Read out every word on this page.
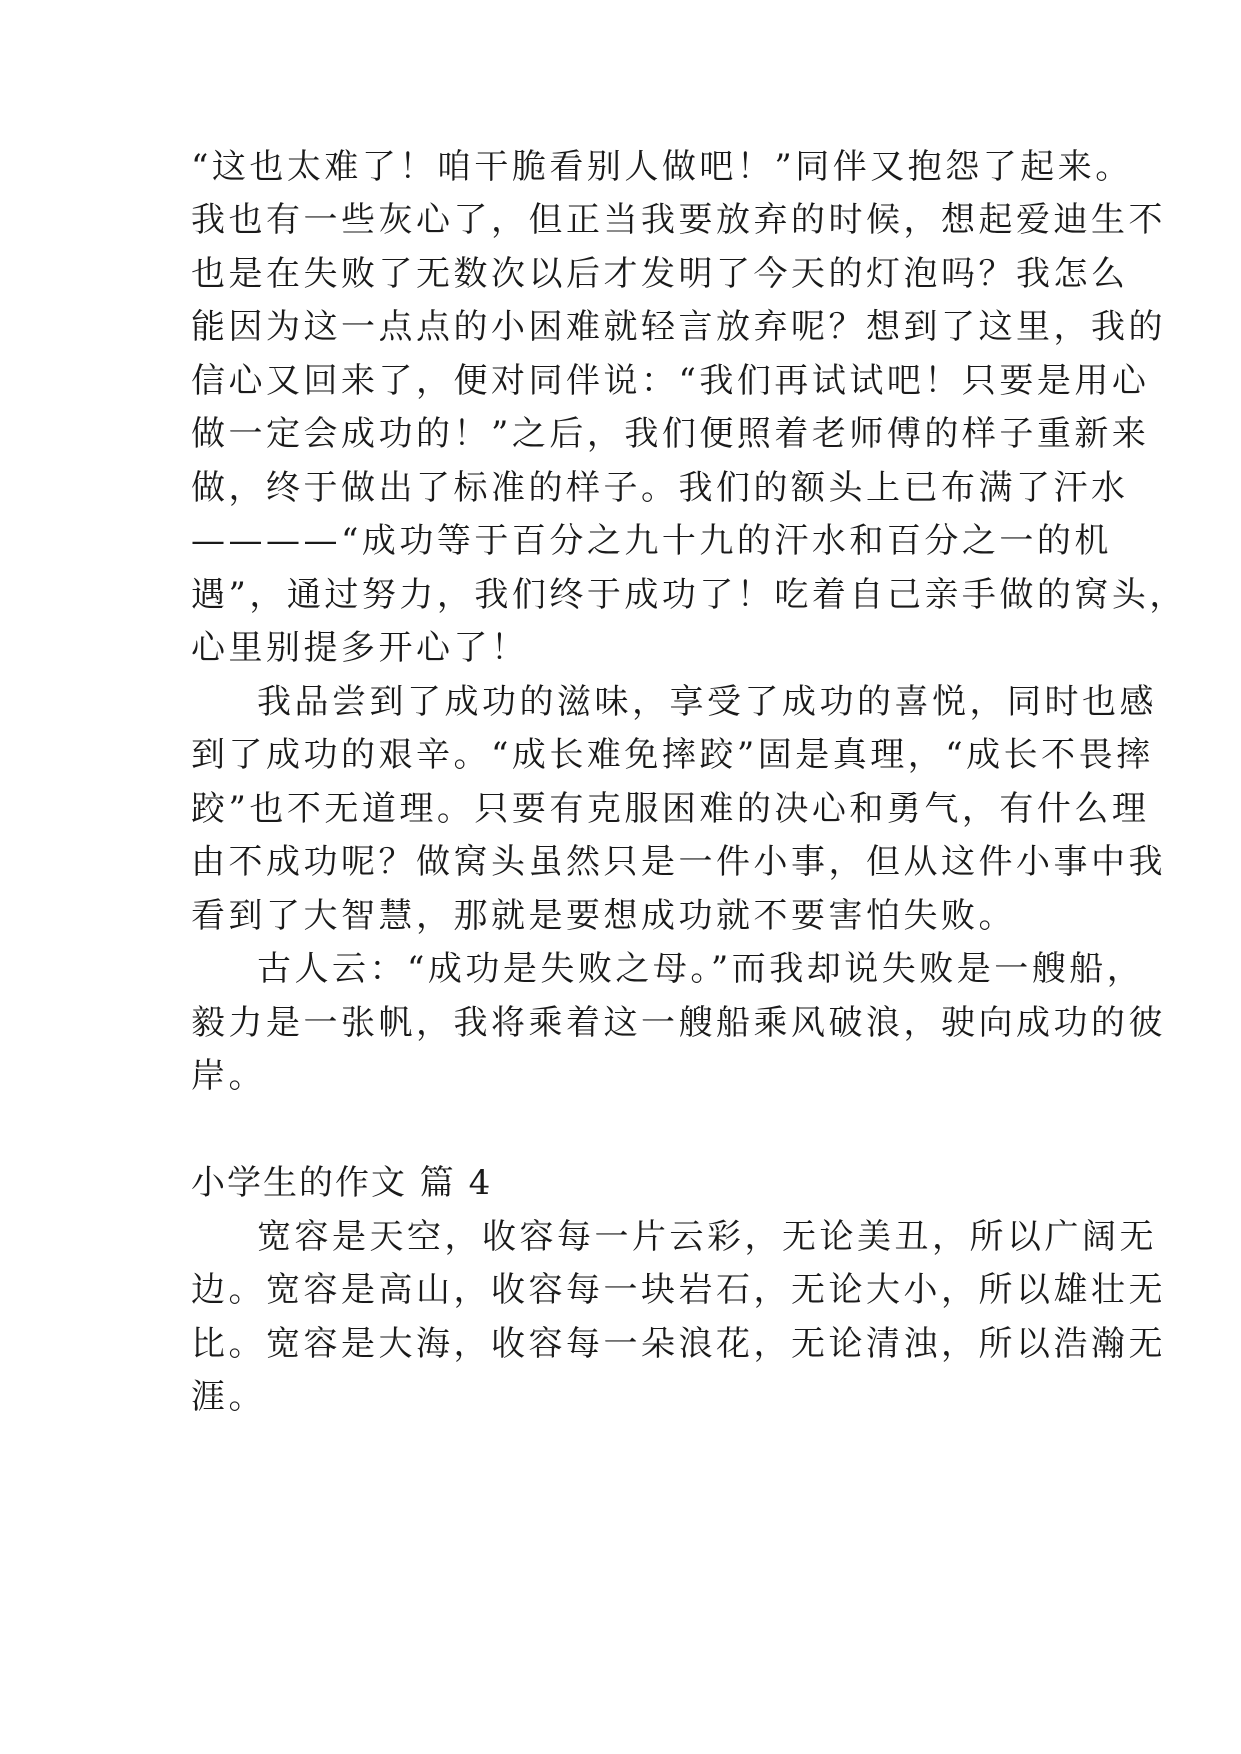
“这也太难了！咱干脆看别人做吧！”同伴又抱怨了起来。
我也有一些灰心了，但正当我要放弃的时候，想起爱迪生不
也是在失败了无数次以后才发明了今天的灯泡吗？我怎么
能因为这一点点的小困难就轻言放弃呢？想到了这里，我的
信心又回来了，便对同伴说：“我们再试试吧！只要是用心
做一定会成功的！”之后，我们便照着老师傅的样子重新来
做，终于做出了标准的样子。我们的额头上已布满了汗水
————“成功等于百分之九十九的汗水和百分之一的机
遇”，通过努力，我们终于成功了！吃着自己亲手做的窝头，
心里别提多开心了！
我品尝到了成功的滋味，享受了成功的喜悦，同时也感
到了成功的艰辛。“成长难免摔跤”固是真理，“成长不畏摔
跤”也不无道理。只要有克服困难的决心和勇气，有什么理
由不成功呢？做窝头虽然只是一件小事，但从这件小事中我
看到了大智慧，那就是要想成功就不要害怕失败。
古人云：“成功是失败之母。”而我却说失败是一艘船，
毅力是一张帆，我将乘着这一艘船乘风破浪，驶向成功的彼
岸。
小学生的作文 篇 4
宽容是天空，收容每一片云彩，无论美丑，所以广阔无
边。宽容是高山，收容每一块岩石，无论大小，所以雄壮无
比。宽容是大海，收容每一朵浪花，无论清浊，所以浩瀚无
涯。
